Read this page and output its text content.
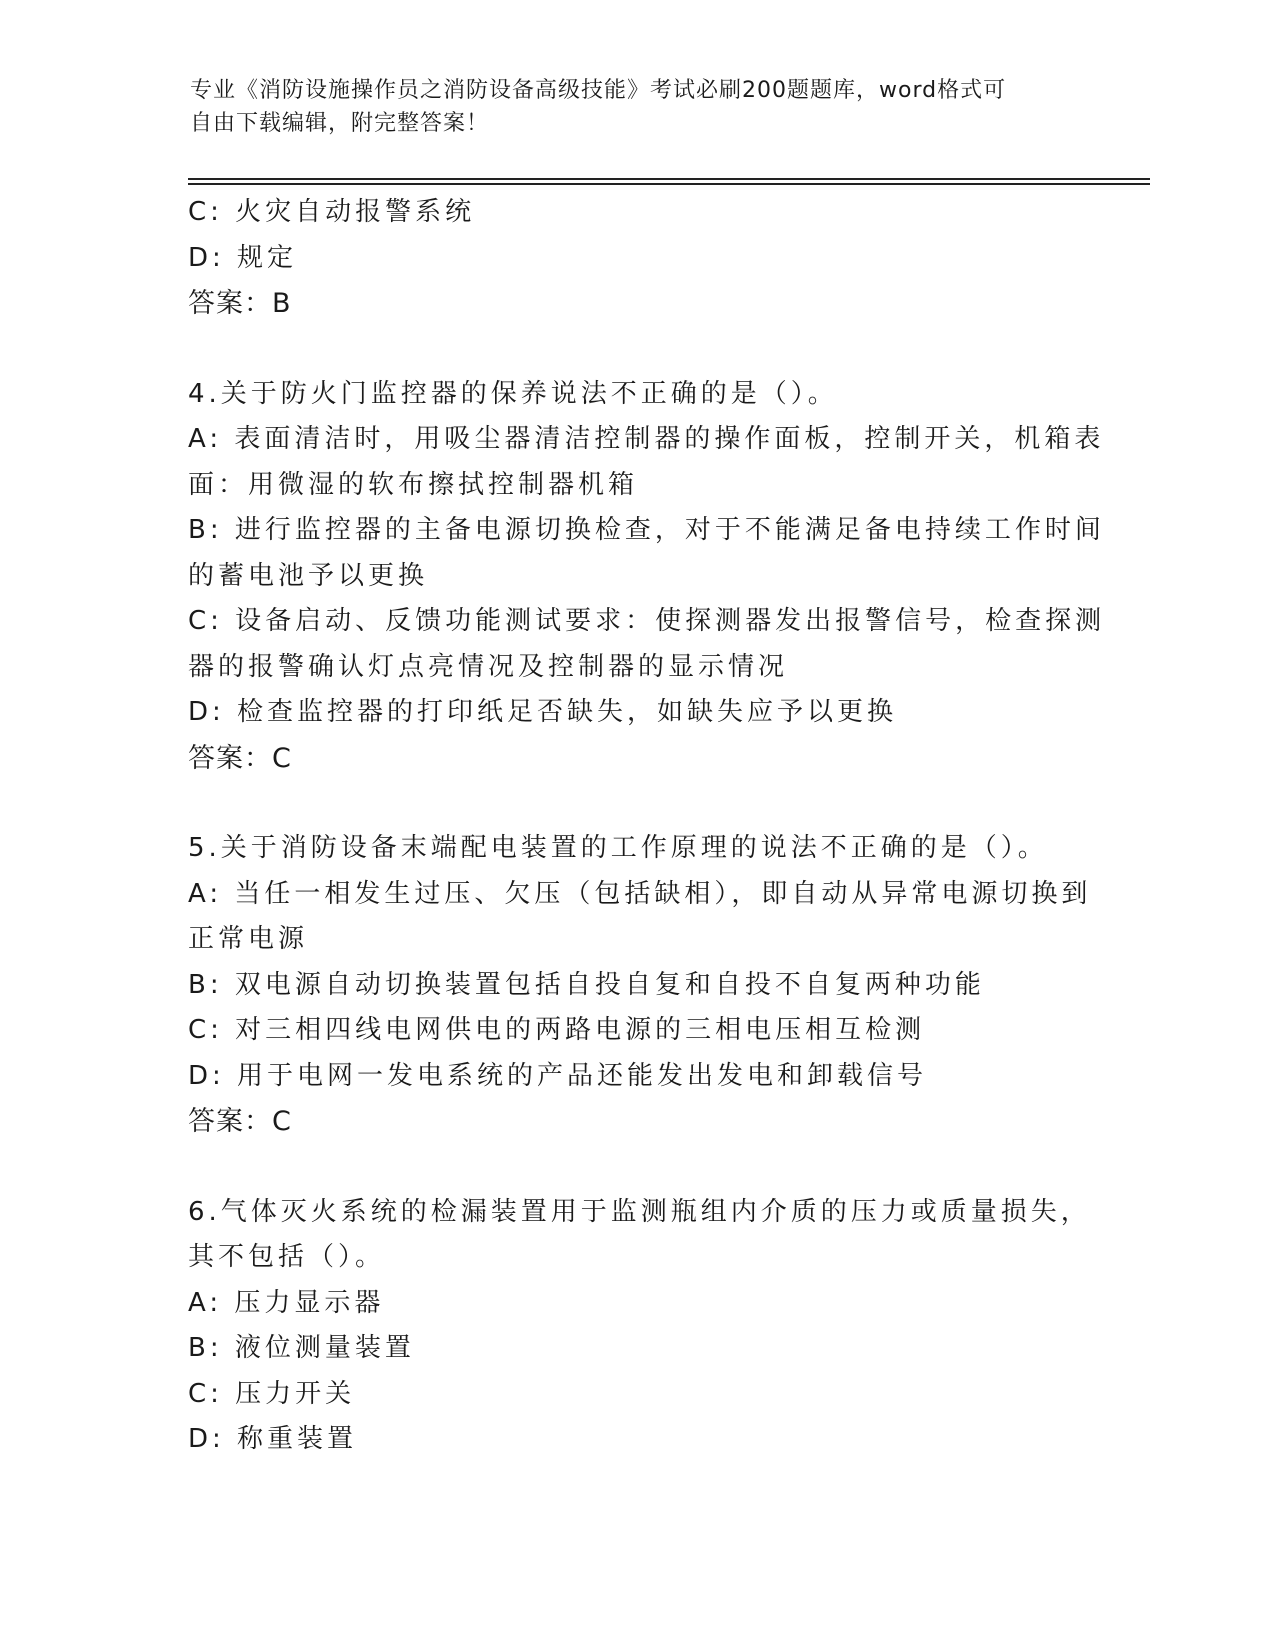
专业《消防设施操作员之消防设备高级技能》考试必刷200题题库，word格式可
自由下载编辑，附完整答案！
C: 火灾自动报警系统
D: 规定
答案：B
4.关于防火门监控器的保养说法不正确的是（）。
A: 表面清洁时，用吸尘器清洁控制器的操作面板，控制开关，机箱表
面：用微湿的软布擦拭控制器机箱
B: 进行监控器的主备电源切换检查，对于不能满足备电持续工作时间
的蓄电池予以更换
C: 设备启动、反馈功能测试要求：使探测器发出报警信号，检查探测
器的报警确认灯点亮情况及控制器的显示情况
D: 检查监控器的打印纸足否缺失，如缺失应予以更换
答案：C
5.关于消防设备末端配电装置的工作原理的说法不正确的是（）。
A: 当任一相发生过压、欠压（包括缺相），即自动从异常电源切换到
正常电源
B: 双电源自动切换装置包括自投自复和自投不自复两种功能
C: 对三相四线电网供电的两路电源的三相电压相互检测
D: 用于电网一发电系统的产品还能发出发电和卸载信号
答案：C
6.气体灭火系统的检漏装置用于监测瓶组内介质的压力或质量损失，
其不包括（）。
A: 压力显示器
B: 液位测量装置
C: 压力开关
D: 称重装置
